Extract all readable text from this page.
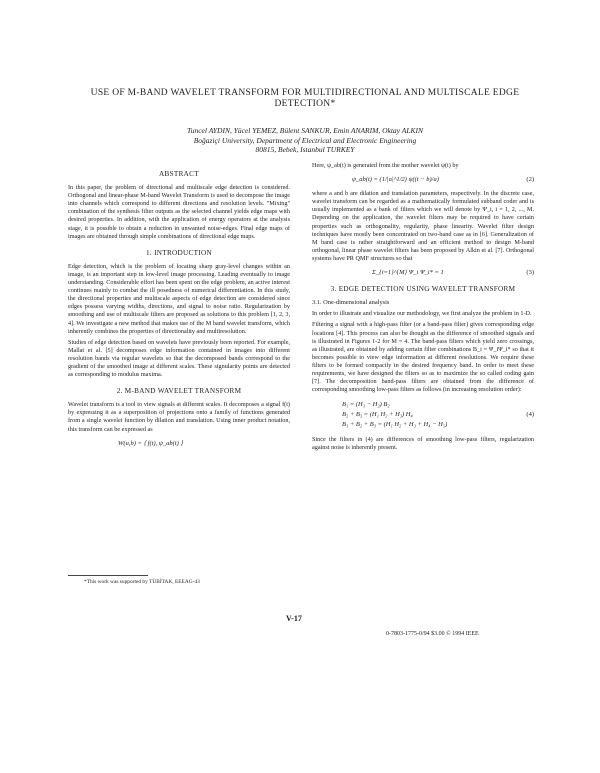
USE OF M-BAND WAVELET TRANSFORM FOR MULTIDIRECTIONAL AND MULTISCALE EDGE DETECTION*
Tuncel AYDIN, Yücel YEMEZ, Bülent SANKUR, Emin ANARIM, Oktay ALKIN
Boğaziçi University, Department of Electrical and Electronic Engineering
80815, Bebek, Istanbul TURKEY
ABSTRACT

In this paper, the problem of directional and multiscale edge detection is considered. Orthogonal and linear-phase M-band Wavelet Transform is used to decompose the image into channels which correspond to different directions and resolution levels. "Mixing" combination of the synthesis filter outputs as the selected channel yields edge maps with desired properties. In addition, with the application of energy operators at the analysis stage, it is possible to obtain a reduction in unwanted noise-edges. Final edge maps of images are obtained through simple combinations of directional edge maps.

1. INTRODUCTION

Edge detection, which is the problem of locating sharp gray-level changes within an image, is an important step in low-level image processing. Leading eventually to image understanding. Considerable effort has been spent on the edge problem, an active interest continues mainly to combat the ill posedness of numerical differentiation. In this study, the directional properties and multiscale aspects of edge detection are considered since edges possess varying widths, directions, and signal to noise ratio. Regularization by smoothing and use of multiscale filters are proposed as solutions to this problem [1, 2, 3, 4]. We investigate a new method that makes use of the M band wavelet transform, which inherently combines the properties of directionality and multiresolution.

Studies of edge detection based on wavelets have previously been reported. For example, Mallat et al. [5] decomposes edge information contained in images into different resolution bands via regular wavelets so that the decomposed bands correspond to the gradient of the smoothed image at different scales. These signularity points are detected as corresponding to modulus maxima.

2. M-BAND WAVELET TRANSFORM

Wavelet transform is a tool to view signals at different scales. It decomposes a signal f(t) by expressing it as a superposition of projections onto a family of functions generated from a single wavelet function by dilation and translation. Using inner product notation, this transform can be expressed as

W(a,b) = ⟨ f(t), ψ_ab(t) ⟩
*This work was supported by TÜBİTAK, EEEAG-43

Here, ψ_ab(t) is generated from the mother wavelet ψ(t) by

ψ_ab(t) = (1/|a|^1/2) ψ((t − b)/a)	(2)

where a and b are dilation and translation parameters, respectively. In the discrete case, wavelet transform can be regarded as a mathematically formulated subband coder and is usually implemented as a bank of filters which we will denote by Ψ_i, i = 1, 2, ..., M. Depending on the application, the wavelet filters may be required to have certain properties such as orthogonality, regularity, phase linearity. Wavelet filter design techniques have mostly been concentrated on two-band case as in [6]. Generalization of M band case is rather straightforward and an efficient method to design M-band orthogonal, linear phase wavelet filters has been proposed by Alkin et al. [7]. Orthogonal systems have PR QMF structures so that

Σ_{i=1}^{M} Ψ_i Ψ_i* = 1	(3)
3. EDGE DETECTION USING WAVELET TRANSFORM
3.1. One-dimensional analysis

In order to illustrate and visualize our methodology, we first analyze the problem in 1-D.

Filtering a signal with a high-pass filter (or a band-pass filter) gives corresponding edge locations [4]. This process can also be thought as the difference of smoothed signals and is illustrated in Figures 1-2 for M = 4. The band-pass filters which yield zero crossings, as illustrated, are obtained by adding certain filter combinations B_i = Ψ_iΨ_i* so that it becomes possible to view edge information at different resolutions. We require these filters to be formed compactly in the desired frequency band. In order to meet these requirements, we have designed the filters so as to maximize the so called coding gain [7]. The decomposition band-pass filters are obtained from the difference of corresponding smoothing low-pass filters as follows (in increasing resolution order):

B₁ = (H₁ − H₂) B₂
B₂ + B₃ = (H₁ H₂ + H₃) H₄	(4)
B₁ + B₂ + B₃ = (H₁ H₂ + H₃ + H₄ − H₅)

Since the filters in (4) are differences of smoothing low-pass filters, regularization against noise is inherently present.

V-17
0-7803-1775-0/94 $3.00 © 1994 IEEE
